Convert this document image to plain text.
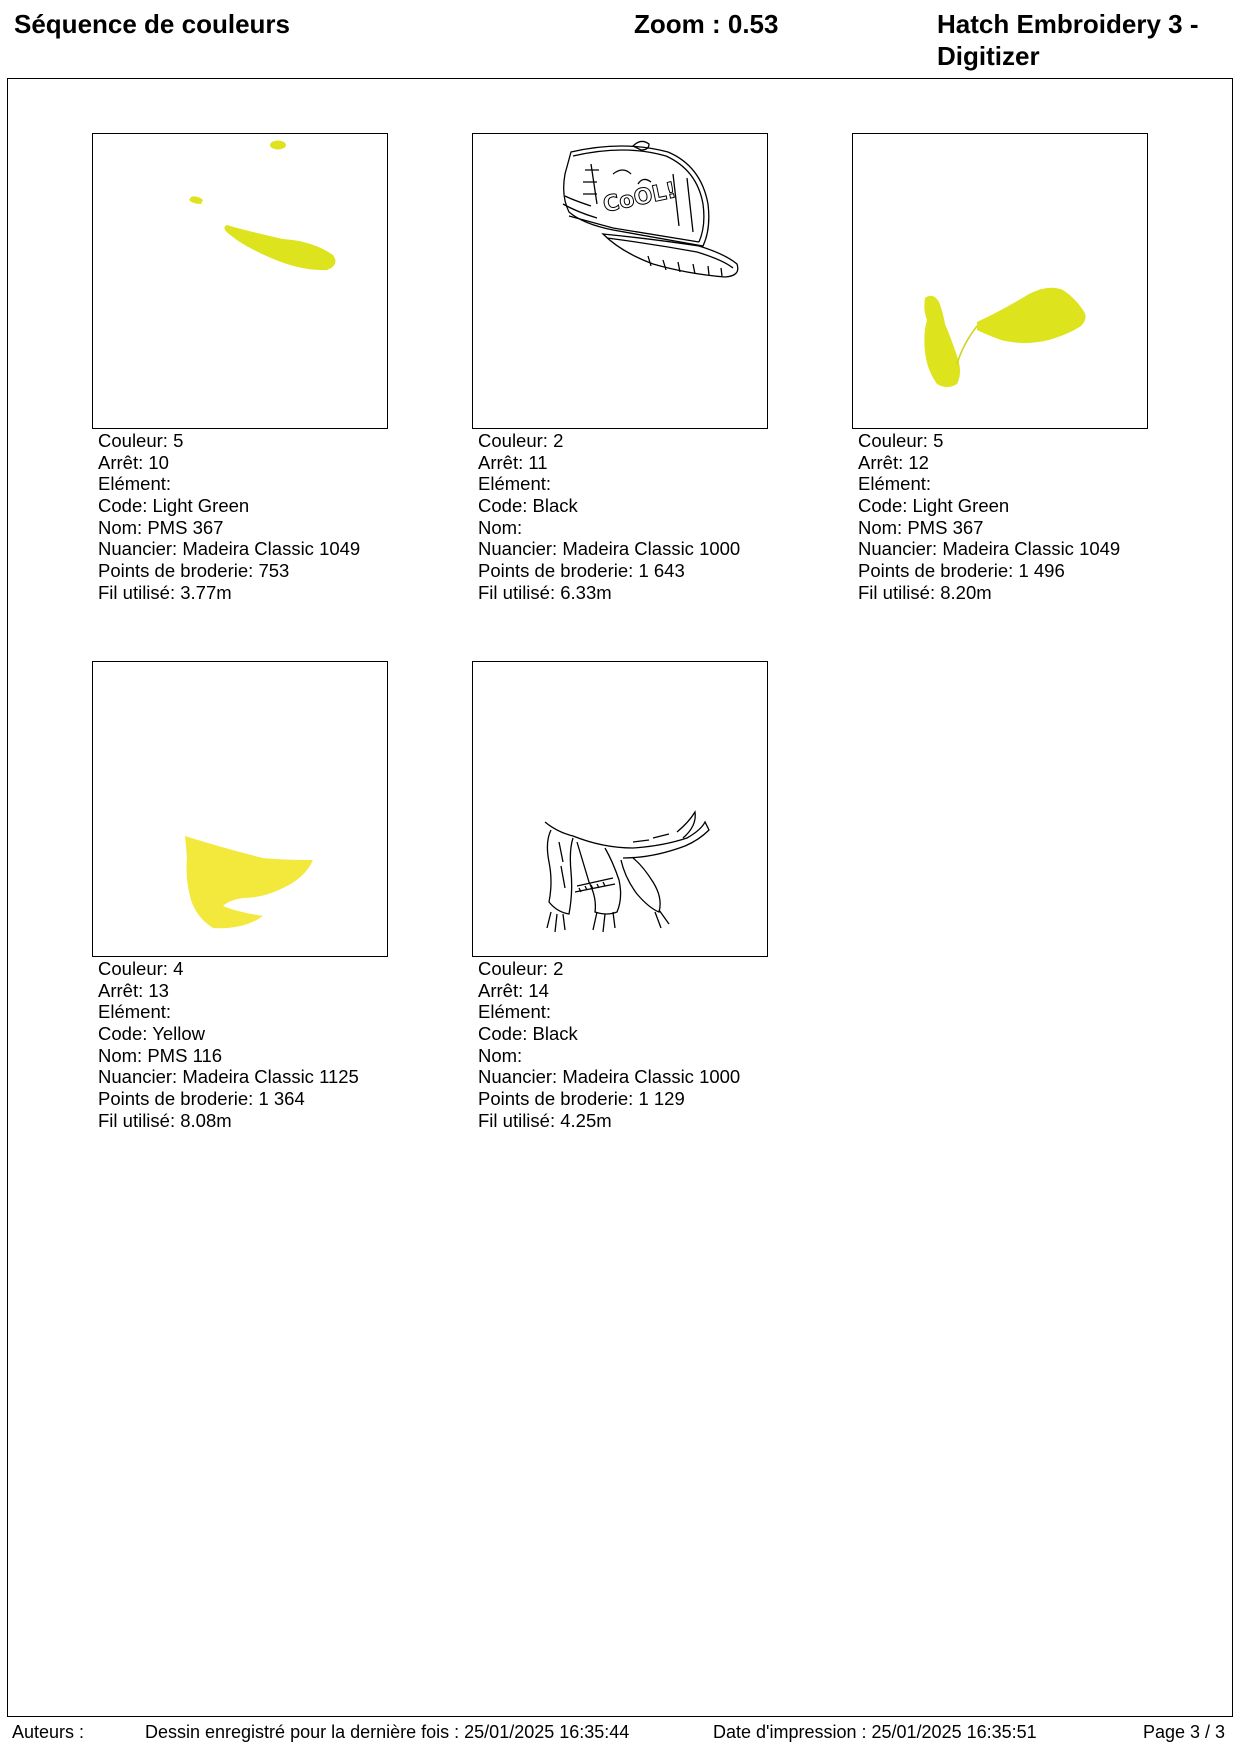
Séquence de couleurs	Zoom : 0.53	Hatch Embroidery 3 - Digitizer
Couleur: 5
Arrêt: 10
Elément:
Code: Light Green
Nom: PMS 367
Nuancier: Madeira Classic 1049
Points de broderie: 753
Fil utilisé: 3.77m
CoOL!
Couleur: 2
Arrêt: 11
Elément:
Code: Black
Nom:
Nuancier: Madeira Classic 1000
Points de broderie: 1 643
Fil utilisé: 6.33m
Couleur: 5
Arrêt: 12
Elément:
Code: Light Green
Nom: PMS 367
Nuancier: Madeira Classic 1049
Points de broderie: 1 496
Fil utilisé: 8.20m
Couleur: 4
Arrêt: 13
Elément:
Code: Yellow
Nom: PMS 116
Nuancier: Madeira Classic 1125
Points de broderie: 1 364
Fil utilisé: 8.08m
Couleur: 2
Arrêt: 14
Elément:
Code: Black
Nom:
Nuancier: Madeira Classic 1000
Points de broderie: 1 129
Fil utilisé: 4.25m
Auteurs :	Dessin enregistré pour la dernière fois : 25/01/2025 16:35:44	Date d'impression : 25/01/2025 16:35:51	Page 3 / 3
